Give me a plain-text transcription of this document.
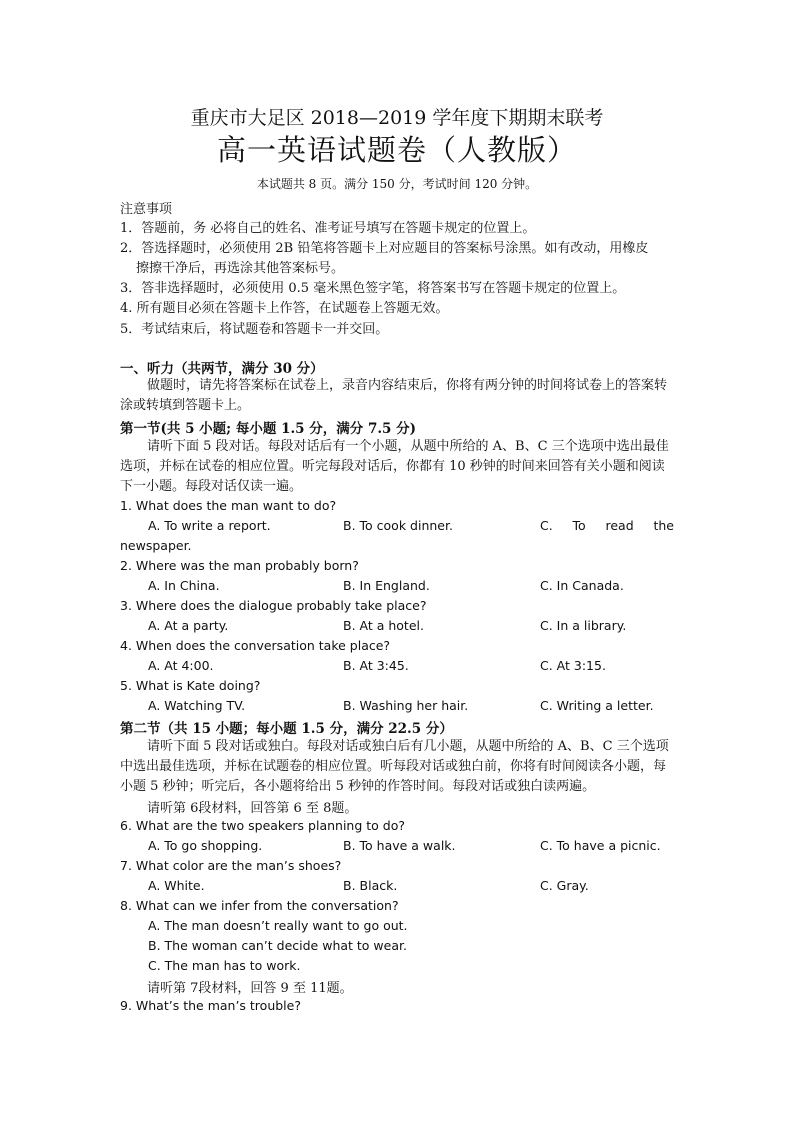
重庆市大足区 2018—2019 学年度下期期末联考
高一英语试题卷（人教版）
本试题共 8 页。满分 150 分，考试时间 120 分钟。
注意事项
1．答题前，务 必将自己的姓名、准考证号填写在答题卡规定的位置上。
2．答选择题时，必须使用 2B 铅笔将答题卡上对应题目的答案标号涂黑。如有改动，用橡皮
擦擦干净后，再选涂其他答案标号。
3．答非选择题时，必须使用 0.5 毫米黑色签字笔，将答案书写在答题卡规定的位置上。
4. 所有题目必须在答题卡上作答，在试题卷上答题无效。
5．考试结束后，将试题卷和答题卡一并交回。
一、听力（共两节，满分 30 分）
做题时，请先将答案标在试卷上，录音内容结束后，你将有两分钟的时间将试卷上的答案转涂或转填到答题卡上。
第一节(共 5 小题; 每小题 1.5 分，满分 7.5 分)
请听下面 5 段对话。每段对话后有一个小题，从题中所给的 A、B、C 三个选项中选出最佳选项，并标在试卷的相应位置。听完每段对话后，你都有 10 秒钟的时间来回答有关小题和阅读下一小题。每段对话仅读一遍。
1. What does the man want to do?
A. To write a report.	B. To cook dinner.	C. To read the
newspaper.
2. Where was the man probably born?
A. In China.	B. In England.	C. In Canada.
3. Where does the dialogue probably take place?
A. At a party.	B. At a hotel.	C. In a library.
4. When does the conversation take place?
A. At 4:00.	B. At 3:45.	C. At 3:15.
5. What is Kate doing?
A. Watching TV.	B. Washing her hair.	C. Writing a letter.
第二节（共 15 小题；每小题 1.5 分，满分 22.5 分）
请听下面 5 段对话或独白。每段对话或独白后有几小题，从题中所给的 A、B、C 三个选项中选出最佳选项，并标在试题卷的相应位置。听每段对话或独白前，你将有时间阅读各小题，每小题 5 秒钟；听完后，各小题将给出 5 秒钟的作答时间。每段对话或独白读两遍。
请听第 6段材料，回答第 6 至 8题。
6. What are the two speakers planning to do?
A. To go shopping.	B. To have a walk.	C. To have a picnic.
7. What color are the man’s shoes?
A. White.	B. Black.	C. Gray.
8. What can we infer from the conversation?
A. The man doesn’t really want to go out.
B. The woman can’t decide what to wear.
C. The man has to work.
请听第 7段材料，回答 9 至 11题。
9. What’s the man’s trouble?
